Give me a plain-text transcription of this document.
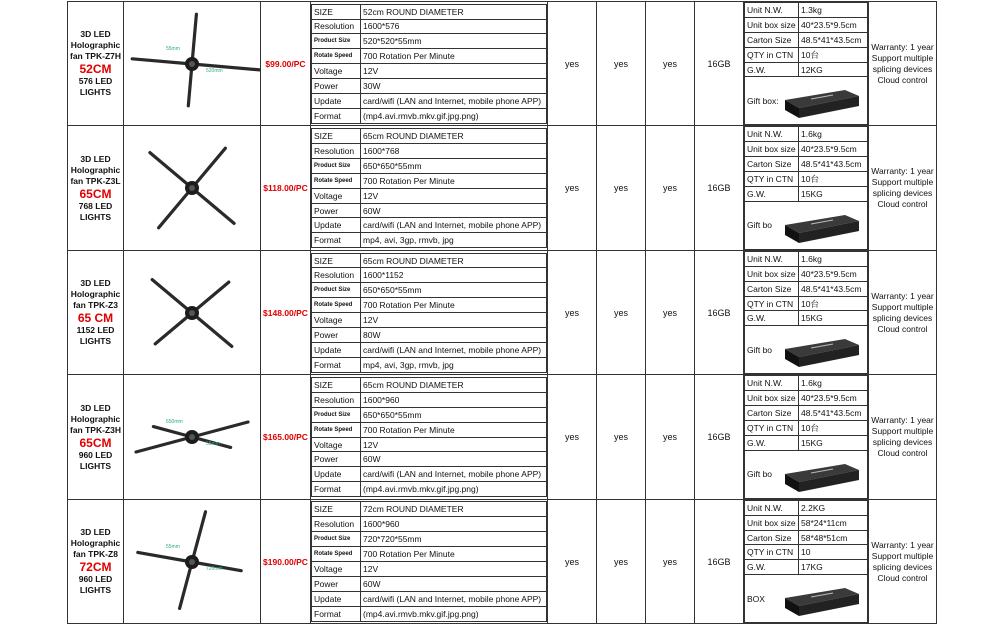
3D LED Holographic fan TPK-Z7H
52CM
576 LED LIGHTS	
55mm
520mm
	$99.00/PC	
SIZE	52cm ROUND DIAMETER
Resolution	1600*576
Product Size	520*520*55mm
Rotate Speed	700 Rotation Per Minute
Voltage	12V
Power	30W
Update	card/wifi (LAN and Internet, mobile phone APP)
Format	(mp4.avi.rmvb.mkv.gif.jpg.png)
	yes	yes	yes	16GB	
Unit N.W.	1.3kg
Unit box size	40*23.5*9.5cm
Carton Size	48.5*41*43.5cm
QTY in CTN	10台
G.W.	12KG
Gift box:
	Warranty: 1 year Support multiple splicing devices Cloud control
3D LED Holographic fan TPK-Z3L
65CM
768 LED LIGHTS	
	$118.00/PC	
SIZE	65cm ROUND DIAMETER
Resolution	1600*768
Product Size	650*650*55mm
Rotate Speed	700 Rotation Per Minute
Voltage	12V
Power	60W
Update	card/wifi (LAN and Internet, mobile phone APP)
Format	mp4, avi, 3gp, rmvb, jpg
	yes	yes	yes	16GB	
Unit N.W.	1.6kg
Unit box size	40*23.5*9.5cm
Carton Size	48.5*41*43.5cm
QTY in CTN	10台
G.W.	15KG
Gift bo
	Warranty: 1 year Support multiple splicing devices Cloud control
3D LED Holographic fan TPK-Z3
65 CM
1152 LED LIGHTS	
	$148.00/PC	
SIZE	65cm ROUND DIAMETER
Resolution	1600*1152
Product Size	650*650*55mm
Rotate Speed	700 Rotation Per Minute
Voltage	12V
Power	80W
Update	card/wifi (LAN and Internet, mobile phone APP)
Format	mp4, avi, 3gp, rmvb, jpg
	yes	yes	yes	16GB	
Unit N.W.	1.6kg
Unit box size	40*23.5*9.5cm
Carton Size	48.5*41*43.5cm
QTY in CTN	10台
G.W.	15KG
Gift bo
	Warranty: 1 year Support multiple splicing devices Cloud control
3D LED Holographic fan TPK-Z3H
65CM
960 LED LIGHTS	
650mm
55mm
	$165.00/PC	
SIZE	65cm ROUND DIAMETER
Resolution	1600*960
Product Size	650*650*55mm
Rotate Speed	700 Rotation Per Minute
Voltage	12V
Power	60W
Update	card/wifi (LAN and Internet, mobile phone APP)
Format	(mp4.avi.rmvb.mkv.gif.jpg.png)
	yes	yes	yes	16GB	
Unit N.W.	1.6kg
Unit box size	40*23.5*9.5cm
Carton Size	48.5*41*43.5cm
QTY in CTN	10台
G.W.	15KG
Gift bo
	Warranty: 1 year Support multiple splicing devices Cloud control
3D LED Holographic fan TPK-Z8
72CM
960 LED LIGHTS	
55mm
720mm
	$190.00/PC	
SIZE	72cm ROUND DIAMETER
Resolution	1600*960
Product Size	720*720*55mm
Rotate Speed	700 Rotation Per Minute
Voltage	12V
Power	60W
Update	card/wifi (LAN and Internet, mobile phone APP)
Format	(mp4.avi.rmvb.mkv.gif.jpg.png)
	yes	yes	yes	16GB	
Unit N.W.	2.2KG
Unit box size	58*24*11cm
Carton Size	58*48*51cm
QTY in CTN	10
G.W.	17KG
BOX
	Warranty: 1 year Support multiple splicing devices Cloud control
